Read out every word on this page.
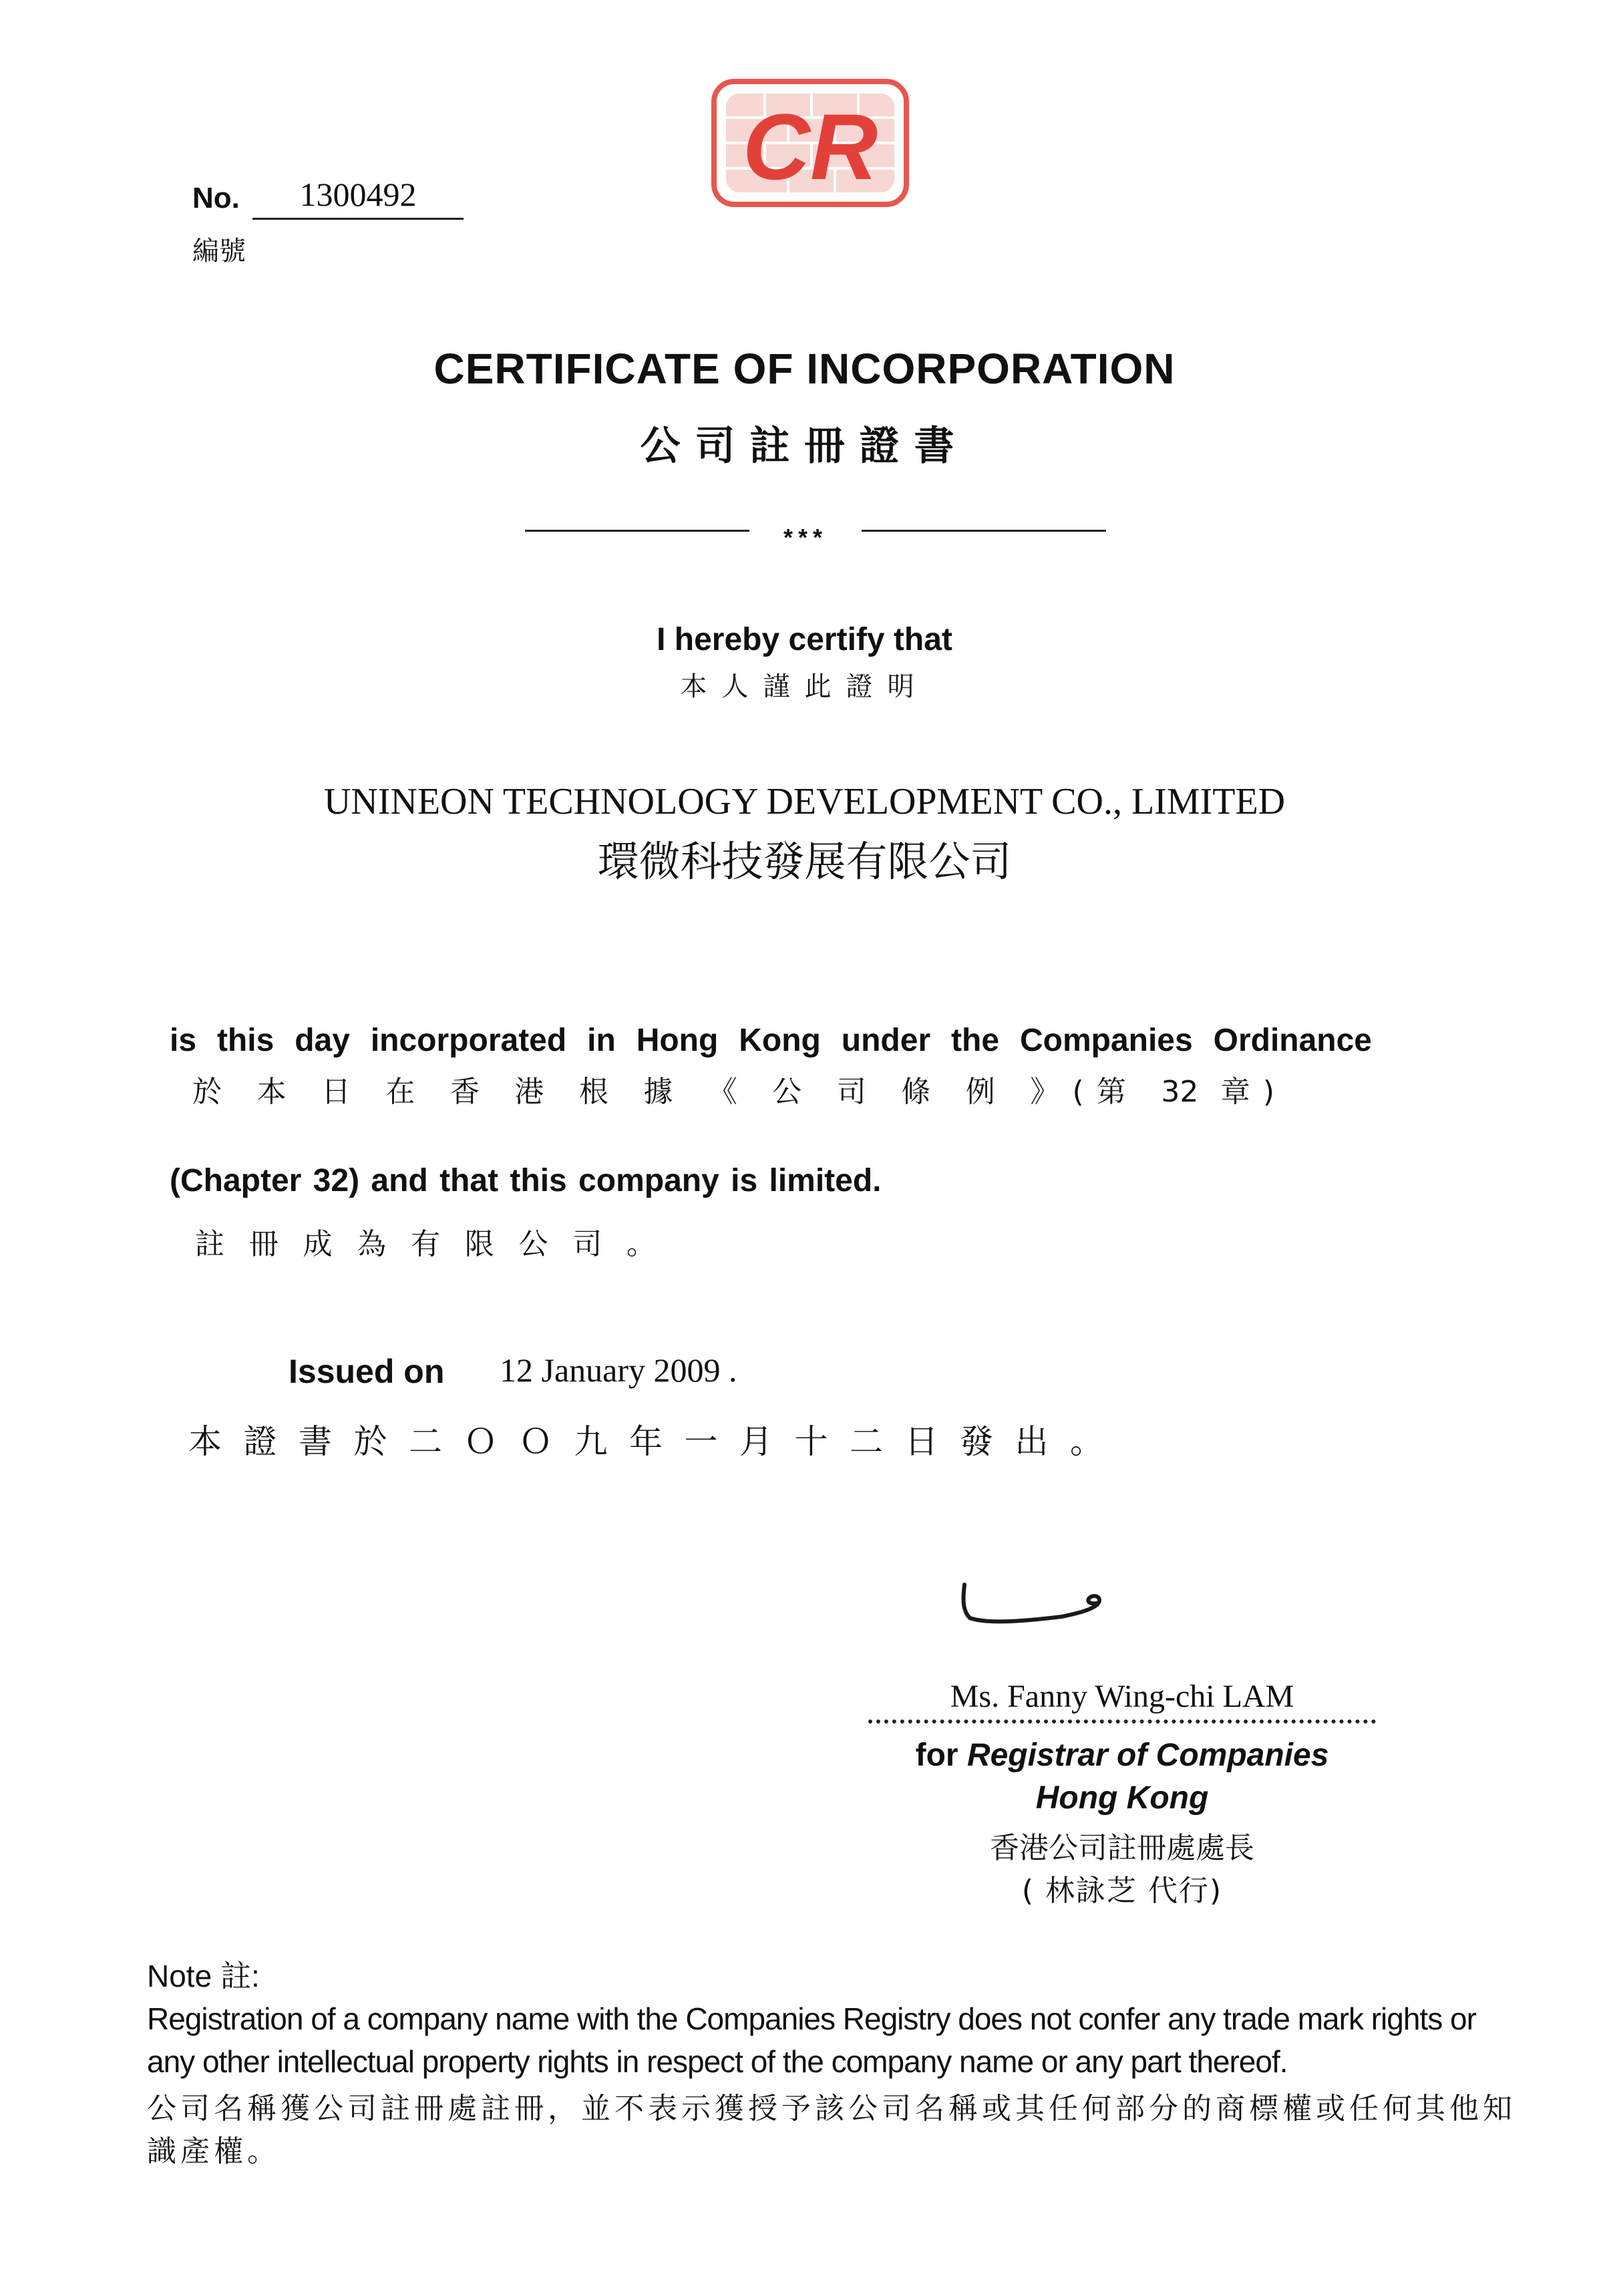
CR
No.	1300492
編號
CERTIFICATE OF INCORPORATION
公司註冊證書
***
I hereby certify that
本人謹此證明
UNINEON TECHNOLOGY DEVELOPMENT CO., LIMITED
環微科技發展有限公司
is this day incorporated in Hong Kong under the Companies Ordinance
於 本 日 在 香 港 根 據 《 公 司 條 例 》(第 32 章)
(Chapter 32) and that this company is limited.
註 冊 成 為 有 限 公 司 。
Issued on 12 January 2009 .
本 證 書 於 二 Ｏ Ｏ 九 年 一 月 十 二 日 發 出 。
Ms. Fanny Wing-chi LAM
for Registrar of Companies
Hong Kong
香港公司註冊處處長
( 林詠芝 代行)
Note 註:
Registration of a company name with the Companies Registry does not confer any trade mark rights or any other intellectual property rights in respect of the company name or any part thereof.
公司名稱獲公司註冊處註冊，並不表示獲授予該公司名稱或其任何部分的商標權或任何其他知識產權。
